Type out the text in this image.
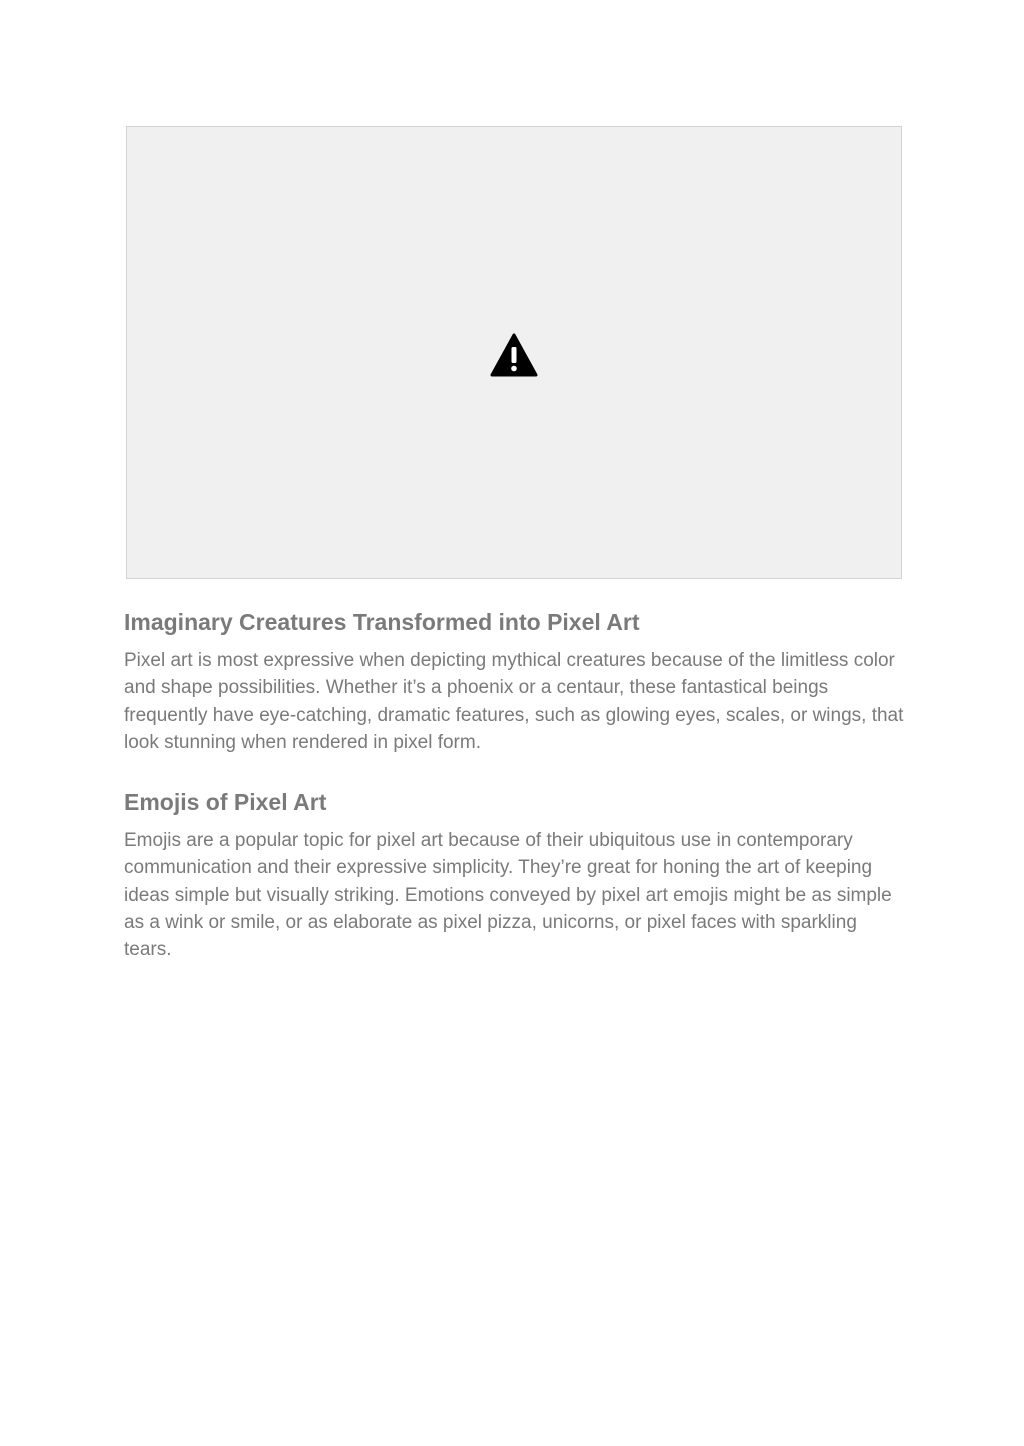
Imaginary Creatures Transformed into Pixel Art

Pixel art is most expressive when depicting mythical creatures because of the limitless color and shape possibilities. Whether it’s a phoenix or a centaur, these fantastical beings frequently have eye-catching, dramatic features, such as glowing eyes, scales, or wings, that look stunning when rendered in pixel form.

Emojis of Pixel Art

Emojis are a popular topic for pixel art because of their ubiquitous use in contemporary communication and their expressive simplicity. They’re great for honing the art of keeping ideas simple but visually striking. Emotions conveyed by pixel art emojis might be as simple as a wink or smile, or as elaborate as pixel pizza, unicorns, or pixel faces with sparkling tears.
